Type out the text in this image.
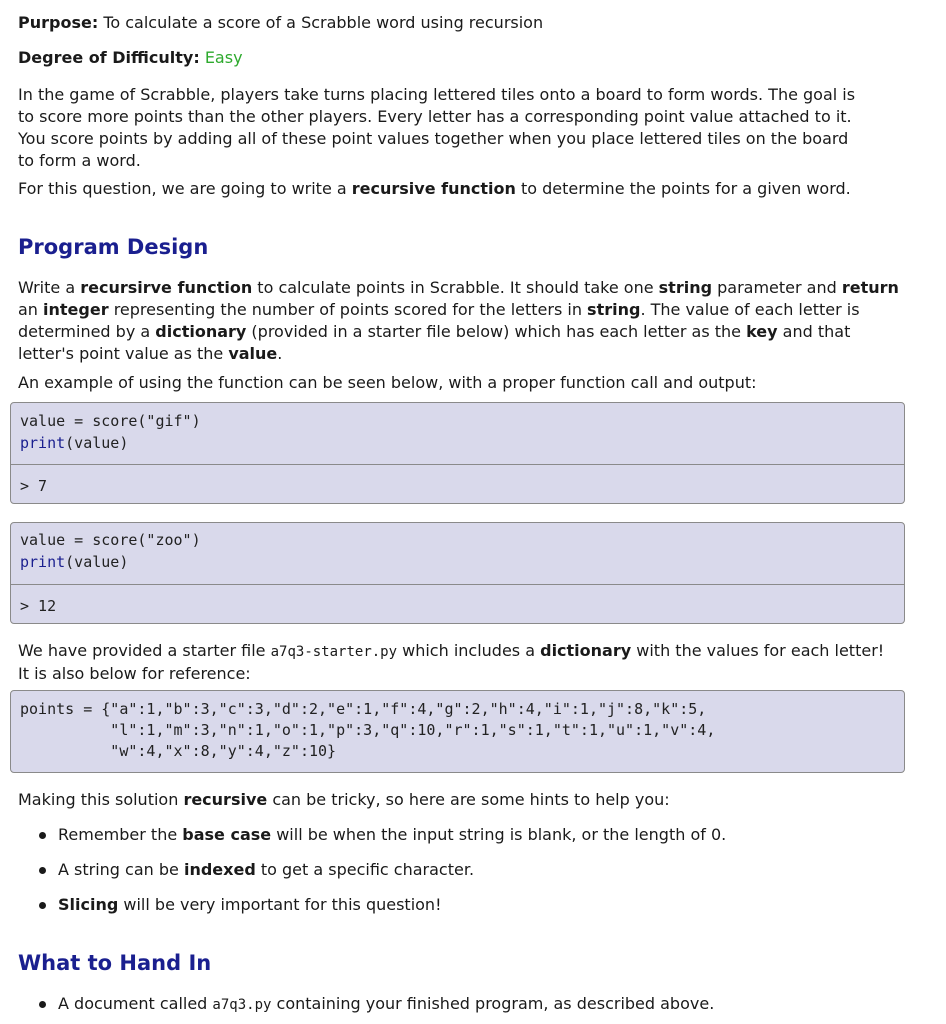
Purpose: To calculate a score of a Scrabble word using recursion

Degree of Difficulty: Easy

In the game of Scrabble, players take turns placing lettered tiles onto a board to form words. The goal is

to score more points than the other players. Every letter has a corresponding point value attached to it.

You score points by adding all of these point values together when you place lettered tiles on the board

to form a word.

For this question, we are going to write a recursive function to determine the points for a given word.

Program Design

Write a recursirve function to calculate points in Scrabble. It should take one string parameter and return

an integer representing the number of points scored for the letters in string. The value of each letter is

determined by a dictionary (provided in a starter file below) which has each letter as the key and that

letter's point value as the value.

An example of using the function can be seen below, with a proper function call and output:

value = score("gif")
print(value)
> 7
value = score("zoo")
print(value)
> 12

We have provided a starter file a7q3-starter.py which includes a dictionary with the values for each letter!

It is also below for reference:

points = {"a":1,"b":3,"c":3,"d":2,"e":1,"f":4,"g":2,"h":4,"i":1,"j":8,"k":5,
"l":1,"m":3,"n":1,"o":1,"p":3,"q":10,"r":1,"s":1,"t":1,"u":1,"v":4,
"w":4,"x":8,"y":4,"z":10}

Making this solution recursive can be tricky, so here are some hints to help you:

Remember the base case will be when the input string is blank, or the length of 0.
A string can be indexed to get a specific character.
Slicing will be very important for this question!
What to Hand In
A document called a7q3.py containing your finished program, as described above.
